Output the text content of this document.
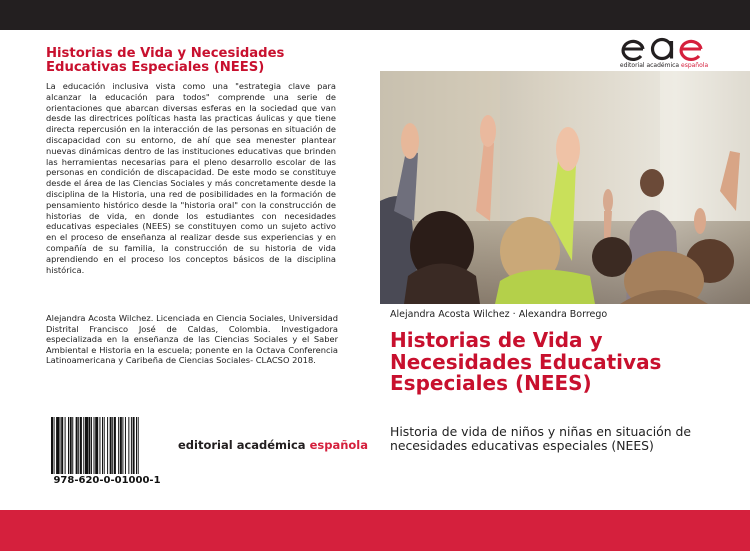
Historias de Vida y Necesidades Educativas Especiales (NEES)
La educación inclusiva vista como una "estrategia clave para alcanzar la educación para todos" comprende una serie de orientaciones que abarcan diversas esferas en la sociedad que van desde las directrices políticas hasta las practicas áulicas y que tiene directa repercusión en la interacción de las personas en situación de discapacidad con su entorno, de ahí que sea menester plantear nuevas dinámicas dentro de las instituciones educativas que brinden las herramientas necesarias para el pleno desarrollo escolar de las personas en condición de discapacidad. De este modo se constituye desde el área de las Ciencias Sociales y más concretamente desde la disciplina de la Historia, una red de posibilidades en la formación de pensamiento histórico desde la "historia oral" con la construcción de historias de vida, en donde los estudiantes con necesidades educativas especiales (NEES) se constituyen como un sujeto activo en el proceso de enseñanza al realizar desde sus experiencias y en compañía de su familia, la construcción de su historia de vida aprendiendo en el proceso los conceptos básicos de la disciplina histórica.
Alejandra Acosta Wilchez. Licenciada en Ciencia Sociales, Universidad Distrital Francisco José de Caldas, Colombia. Investigadora especializada en la enseñanza de las Ciencias Sociales y el Saber Ambiental e Historia en la escuela; ponente en la Octava Conferencia Latinoamericana y Caribeña de Ciencias Sociales- CLACSO 2018.
978-620-0-01000-1
editorial académica española
editorial académica española
Alejandra Acosta Wilchez · Alexandra Borrego
Historias de Vida y Necesidades Educativas Especiales (NEES)
Historia de vida de niños y niñas en situación de necesidades educativas especiales (NEES)
